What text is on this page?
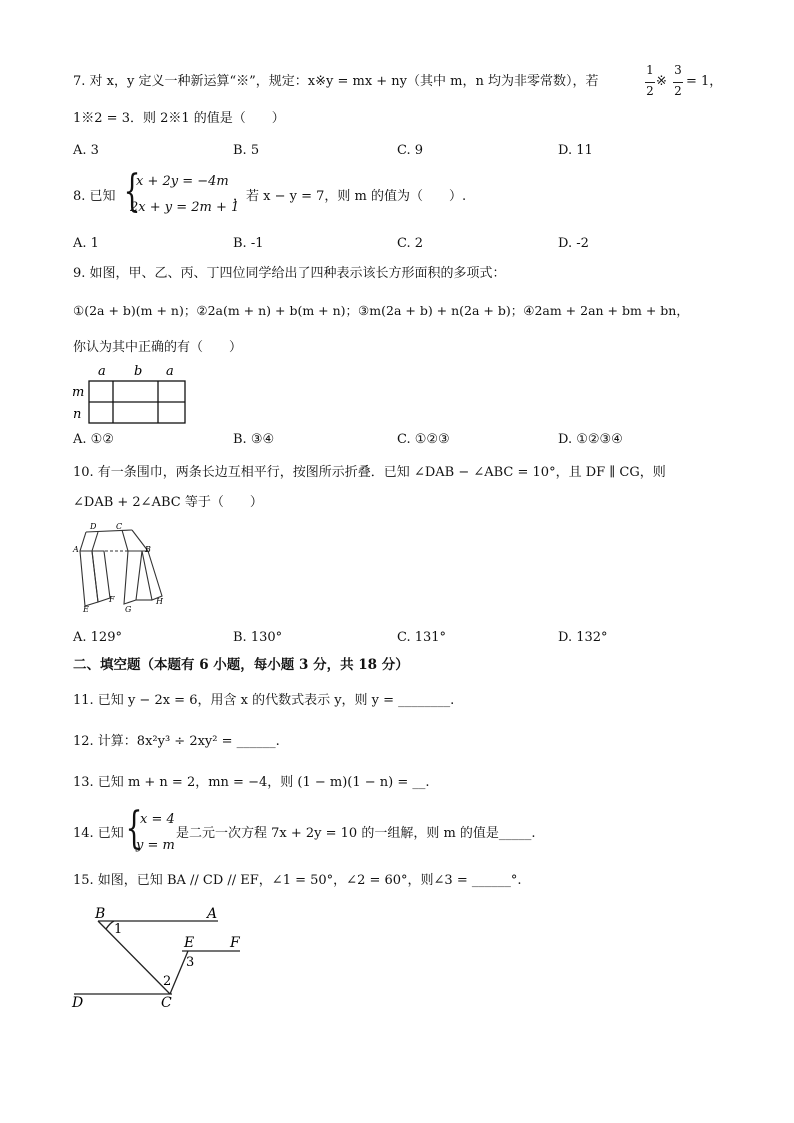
7. 对 x，y 定义一种新运算“※”，规定：x※y = mx + ny（其中 m，n 均为非零常数），若
1
2
※
3
2
= 1，
1※2 = 3．则 2※1 的值是（　　）
A. 3	B. 5	C. 9	D. 11
8. 已知 {
x + 2y = −4m
2x + y = 2m + 1
，若 x − y = 7，则 m 的值为（　　）.
A. 1	B. -1	C. 2	D. -2
9. 如图，甲、乙、丙、丁四位同学给出了四种表示该长方形面积的多项式：
①(2a + b)(m + n)；②2a(m + n) + b(m + n)；③m(2a + b) + n(2a + b)；④2am + 2an + bm + bn，
你认为其中正确的有（　　）
a b a
m
n
A. ①②	B. ③④	C. ①②③	D. ①②③④
10. 有一条围巾，两条长边互相平行，按图所示折叠．已知 ∠DAB − ∠ABC = 10°，且 DF ∥ CG，则
∠DAB + 2∠ABC 等于（　　）
D C
A	B
E
F
G
H
A. 129°	B. 130°	C. 131°	D. 132°
二、填空题（本题有 6 小题，每小题 3 分，共 18 分）
11. 已知 y − 2x = 6，用含 x 的代数式表示 y，则 y = ________.
12. 计算：8x²y³ ÷ 2xy² = ______.
13. 已知 m + n = 2，mn = −4，则 (1 − m)(1 − n) = __.
14. 已知 {
x = 4
y = m
是二元一次方程 7x + 2y = 10 的一组解，则 m 的值是_____.
15. 如图，已知 BA // CD // EF，∠1 = 50°，∠2 = 60°，则∠3 = ______°.
B	A
1
E	F
3
2
D	C
